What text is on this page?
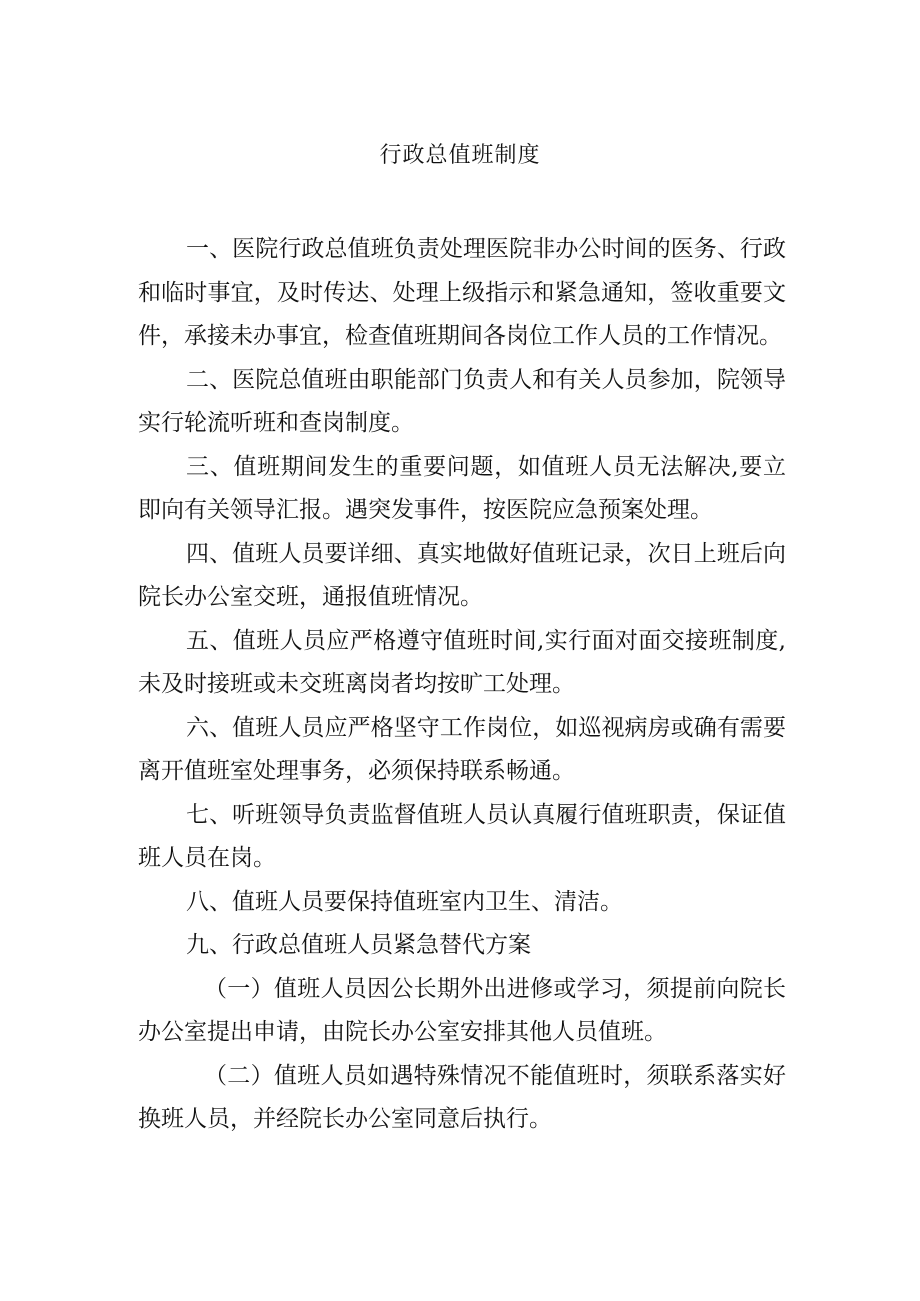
行政总值班制度

一、医院行政总值班负责处理医院非办公时间的医务、行政和临时事宜，及时传达、处理上级指示和紧急通知，签收重要文件，承接未办事宜，检查值班期间各岗位工作人员的工作情况。

二、医院总值班由职能部门负责人和有关人员参加，院领导实行轮流听班和查岗制度。

三、值班期间发生的重要问题，如值班人员无法解决,要立即向有关领导汇报。遇突发事件，按医院应急预案处理。

四、值班人员要详细、真实地做好值班记录，次日上班后向院长办公室交班，通报值班情况。

五、值班人员应严格遵守值班时间,实行面对面交接班制度,未及时接班或未交班离岗者均按旷工处理。

六、值班人员应严格坚守工作岗位，如巡视病房或确有需要离开值班室处理事务，必须保持联系畅通。

七、听班领导负责监督值班人员认真履行值班职责，保证值班人员在岗。

八、值班人员要保持值班室内卫生、清洁。

九、行政总值班人员紧急替代方案

（一）值班人员因公长期外出进修或学习，须提前向院长办公室提出申请，由院长办公室安排其他人员值班。

（二）值班人员如遇特殊情况不能值班时，须联系落实好换班人员，并经院长办公室同意后执行。
